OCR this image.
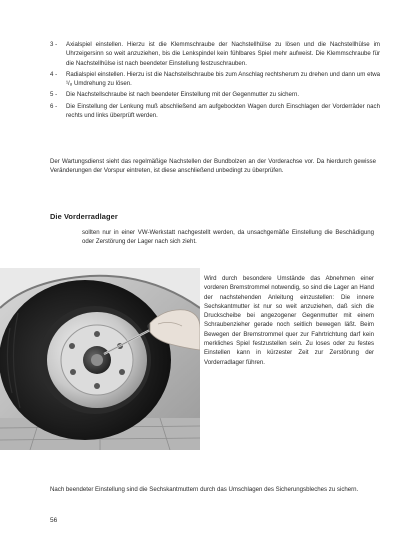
3 -	Axialspiel einstellen. Hierzu ist die Klemmschraube der Nachstellhülse zu lösen und die Nachstellhülse im Uhrzeigersinn so weit anzuziehen, bis die Lenkspindel kein fühlbares Spiel mehr aufweist. Die Klemmschraube für die Nachstellhülse ist nach beendeter Einstellung festzuschrauben.
4 -	Radialspiel einstellen. Hierzu ist die Nachstellschraube bis zum Anschlag rechtsherum zu drehen und dann um etwa ¹/₈ Umdrehung zu lösen.
5 -	Die Nachstellschraube ist nach beendeter Einstellung mit der Gegenmutter zu sichern.
6 -	Die Einstellung der Lenkung muß abschließend am aufgebockten Wagen durch Einschlagen der Vorderräder nach rechts und links überprüft werden.

Der Wartungsdienst sieht das regelmäßige Nachstellen der Bundbolzen an der Vorderachse vor. Da hierdurch gewisse Veränderungen der Vorspur eintreten, ist diese anschließend unbedingt zu überprüfen.

Die Vorderradlager

sollten nur in einer VW-Werkstatt nachgestellt werden, da unsachgemäße Einstellung die Beschädigung oder Zerstörung der Lager nach sich zieht.

Wird durch besondere Umstände das Abnehmen einer vorderen Bremstrommel notwendig, so sind die Lager an Hand der nachstehenden Anleitung einzustellen: Die innere Sechskantmutter ist nur so weit anzuziehen, daß sich die Druckscheibe bei angezogener Gegenmutter mit einem Schraubenzieher gerade noch seitlich bewegen läßt. Beim Bewegen der Bremstrommel quer zur Fahrtrichtung darf kein merkliches Spiel festzustellen sein. Zu loses oder zu festes Einstellen kann in kürzester Zeit zur Zerstörung der Vorderradlager führen.

Nach beendeter Einstellung sind die Sechskantmuttern durch das Umschlagen des Sicherungsbleches zu sichern.

56
